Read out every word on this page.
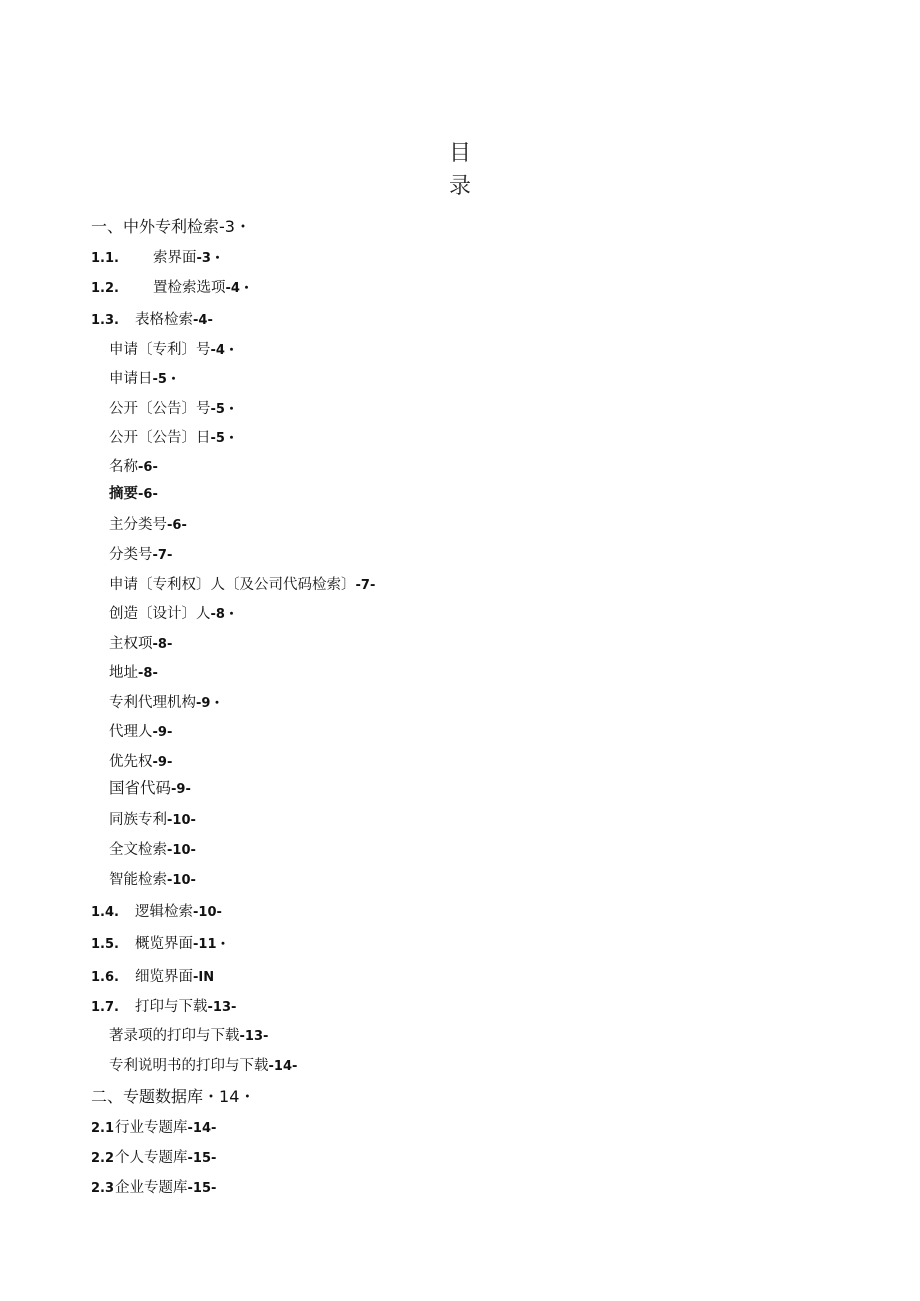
目
录
一、中外专利检索-3・
1.1. 索界面-3・
1.2. 置检索选项-4・
1.3. 表格检索-4-
申请〔专利〕号-4・
申请日-5・
公开〔公告〕号-5・
公开〔公告〕日-5・
名称-6-
摘要-6-
主分类号-6-
分类号-7-
申请〔专利权〕人〔及公司代码检索〕-7-
创造〔设计〕人-8・
主权项-8-
地址-8-
专利代理机构-9・
代理人-9-
优先权-9-
国省代码-9-
同族专利-10-
全文检索-10-
智能检索-10-
1.4. 逻辑检索-10-
1.5. 概览界面-11・
1.6. 细览界面-IN
1.7. 打印与下载-13-
著录项的打印与下载-13-
专利说明书的打印与下载-14-
二、专题数据库・14・
2.1行业专题库-14-
2.2个人专题库-15-
2.3企业专题库-15-
